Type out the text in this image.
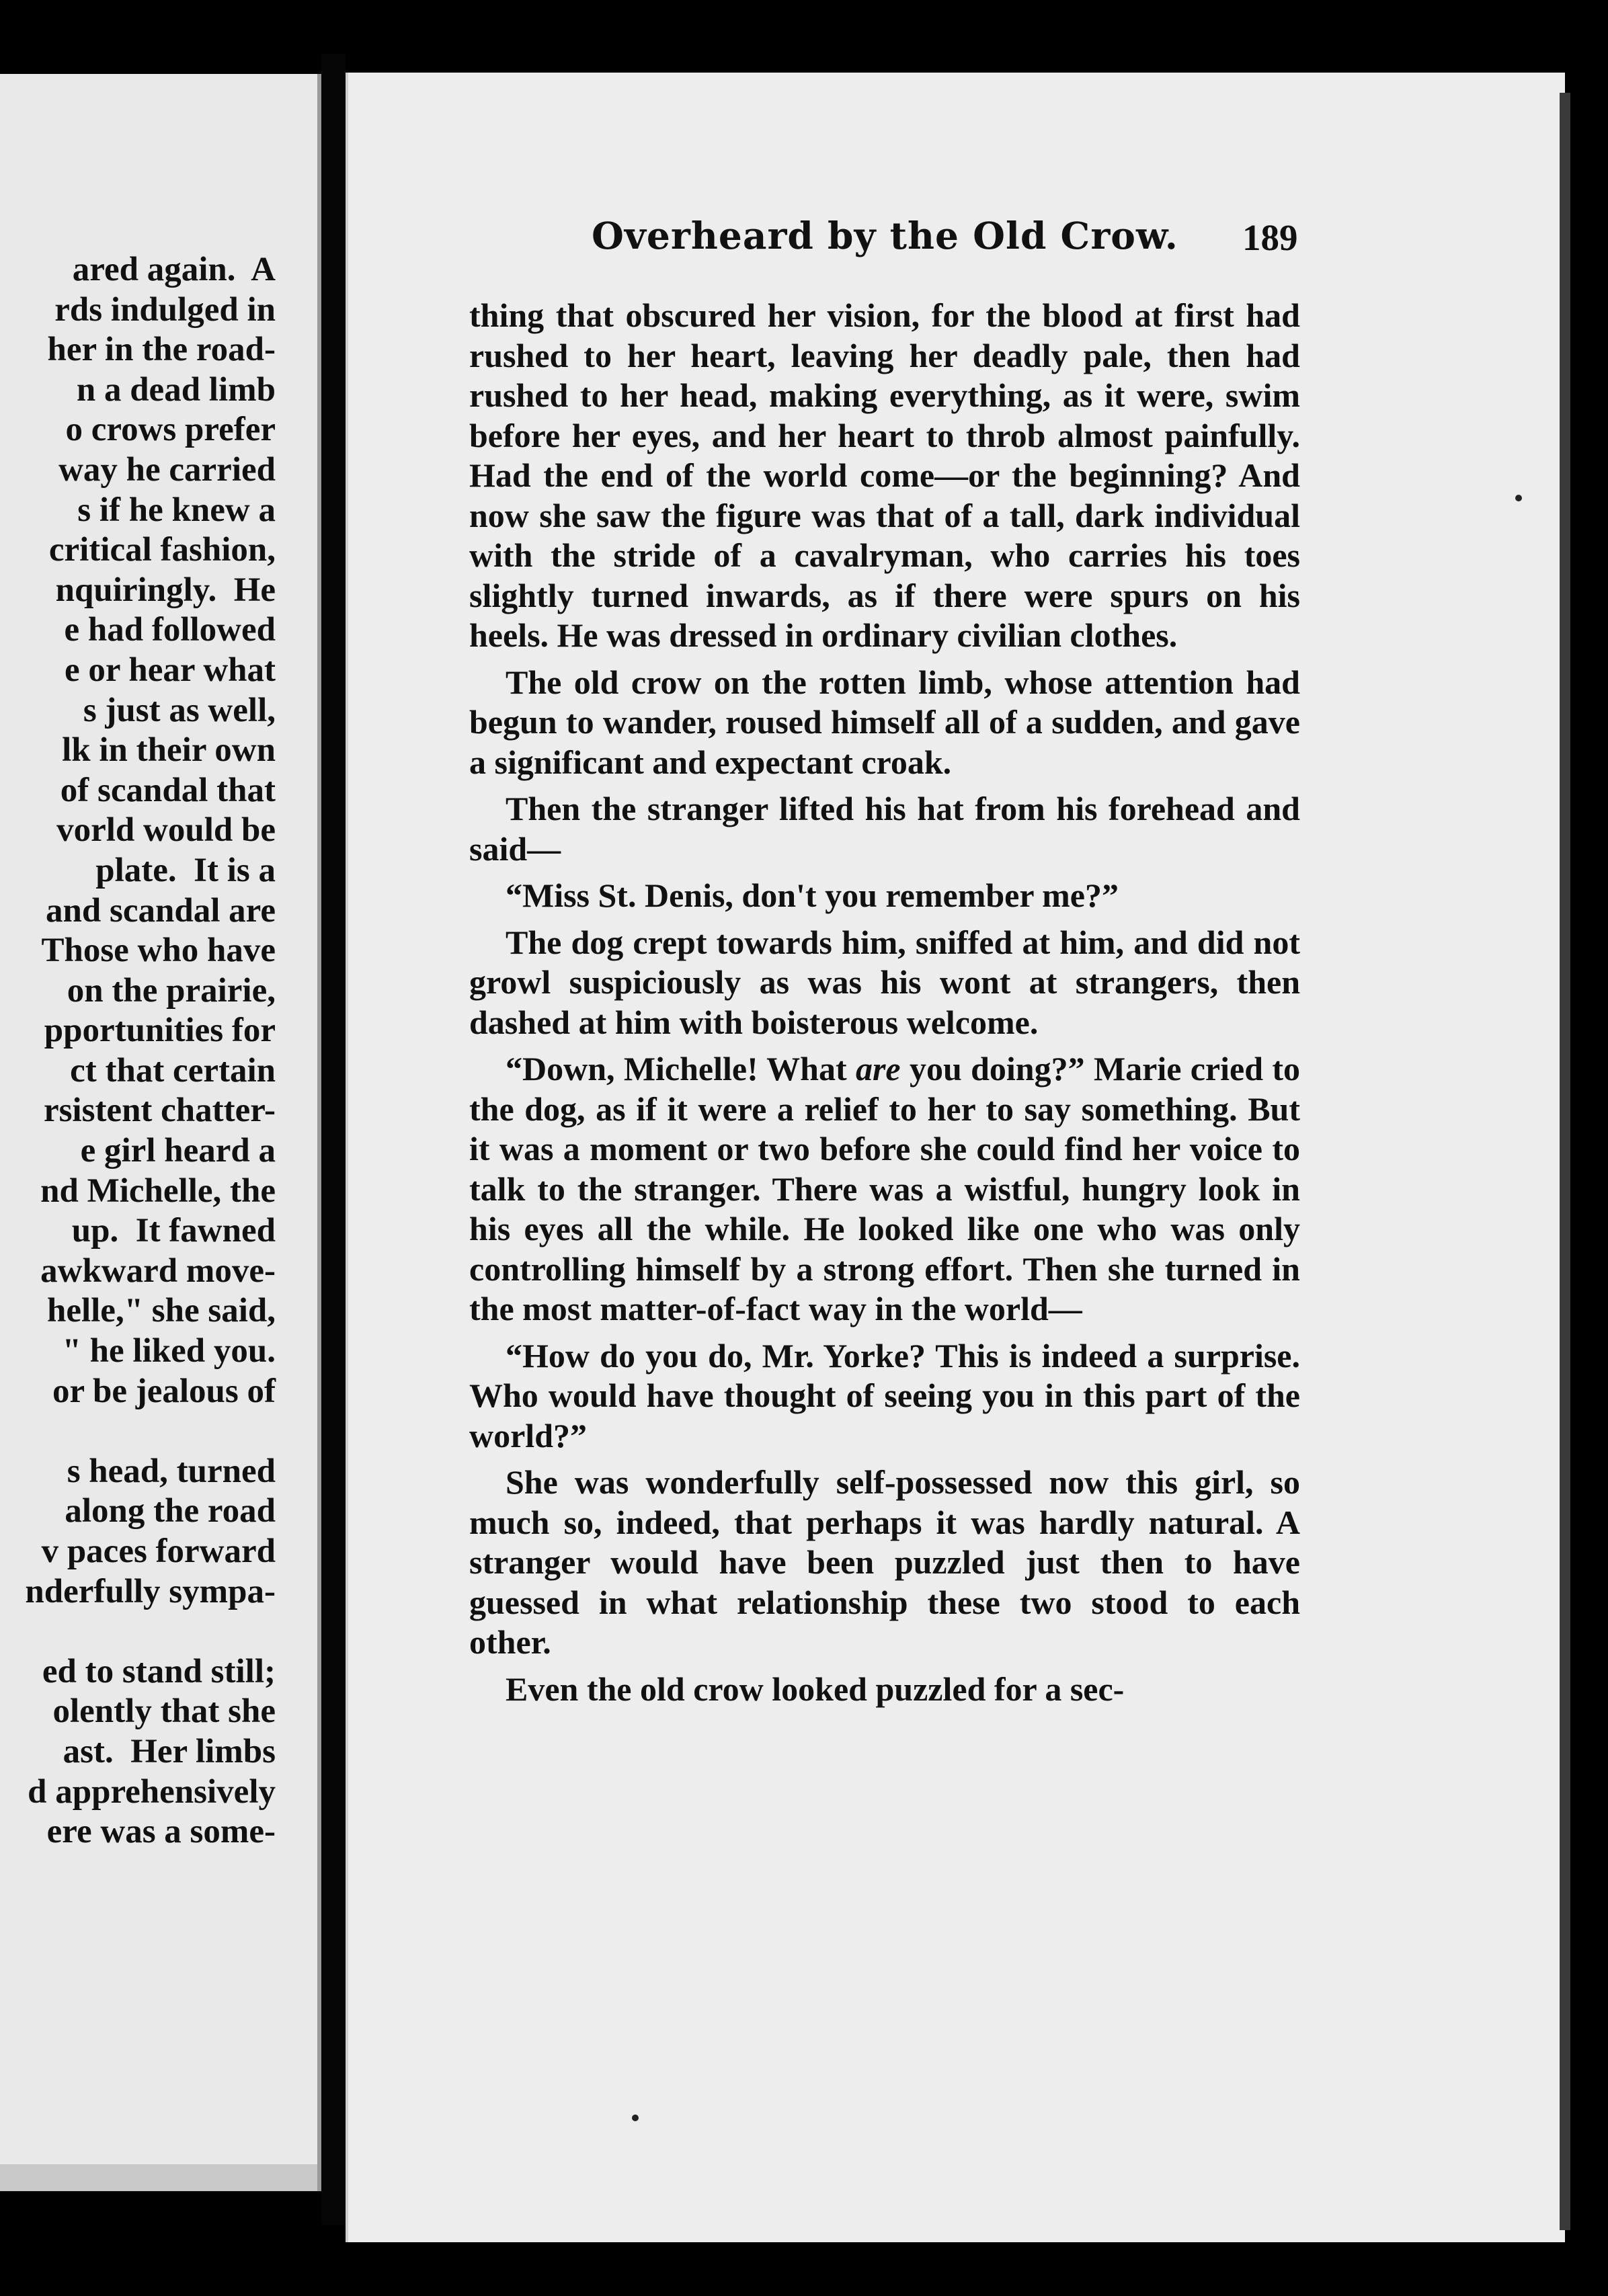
ared again.  A
rds indulged in
her in the road-
n a dead limb
o crows prefer
way he carried
s if he knew a
critical fashion,
nquiringly.  He
e had followed
e or hear what
s just as well,
lk in their own
of scandal that
vorld would be
plate.  It is a
and scandal are
Those who have
on the prairie,
pportunities for
ct that certain
rsistent chatter-
e girl heard a
nd Michelle, the
up.  It fawned
awkward move-
helle," she said,
" he liked you.
or be jealous of

s head, turned
along the road
v paces forward
nderfully sympa-

ed to stand still;
olently that she
ast.  Her limbs
d apprehensively
ere was a some-
Overheard by the Old Crow. 189

thing that obscured her vision, for the blood at first had rushed to her heart, leaving her deadly pale, then had rushed to her head, making everything, as it were, swim before her eyes, and her heart to throb almost painfully. Had the end of the world come—or the beginning? And now she saw the figure was that of a tall, dark individual with the stride of a cavalryman, who carries his toes slightly turned inwards, as if there were spurs on his heels. He was dressed in ordinary civilian clothes.

The old crow on the rotten limb, whose attention had begun to wander, roused himself all of a sudden, and gave a significant and expectant croak.

Then the stranger lifted his hat from his forehead and said—

“Miss St. Denis, don't you remember me?”

The dog crept towards him, sniffed at him, and did not growl suspiciously as was his wont at strangers, then dashed at him with boisterous welcome.

“Down, Michelle! What are you doing?” Marie cried to the dog, as if it were a relief to her to say something. But it was a moment or two before she could find her voice to talk to the stranger. There was a wistful, hungry look in his eyes all the while. He looked like one who was only controlling himself by a strong effort. Then she turned in the most matter-of-fact way in the world—

“How do you do, Mr. Yorke? This is indeed a surprise. Who would have thought of seeing you in this part of the world?”

She was wonderfully self-possessed now this girl, so much so, indeed, that perhaps it was hardly natural. A stranger would have been puzzled just then to have guessed in what relationship these two stood to each other.

Even the old crow looked puzzled for a sec-
